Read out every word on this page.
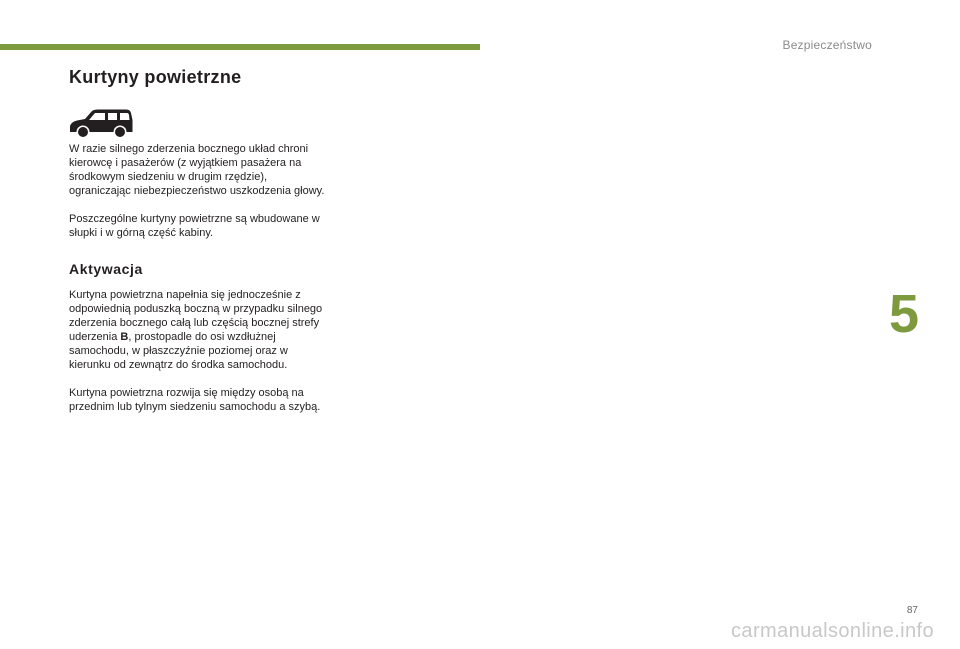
Bezpieczeństwo
Kurtyny powietrzne

W razie silnego zderzenia bocznego układ chroni kierowcę i pasażerów (z wyjątkiem pasażera na środkowym siedzeniu w drugim rzędzie), ograniczając niebezpieczeństwo uszkodzenia głowy.

Poszczególne kurtyny powietrzne są wbudowane w słupki i w górną część kabiny.

Aktywacja

Kurtyna powietrzna napełnia się jednocześnie z odpowiednią poduszką boczną w przypadku silnego zderzenia bocznego całą lub częścią bocznej strefy uderzenia B, prostopadle do osi wzdłużnej samochodu, w płaszczyźnie poziomej oraz w kierunku od zewnątrz do środka samochodu.

Kurtyna powietrzna rozwija się między osobą na przednim lub tylnym siedzeniu samochodu a szybą.

5
87
carmanualsonline.info
